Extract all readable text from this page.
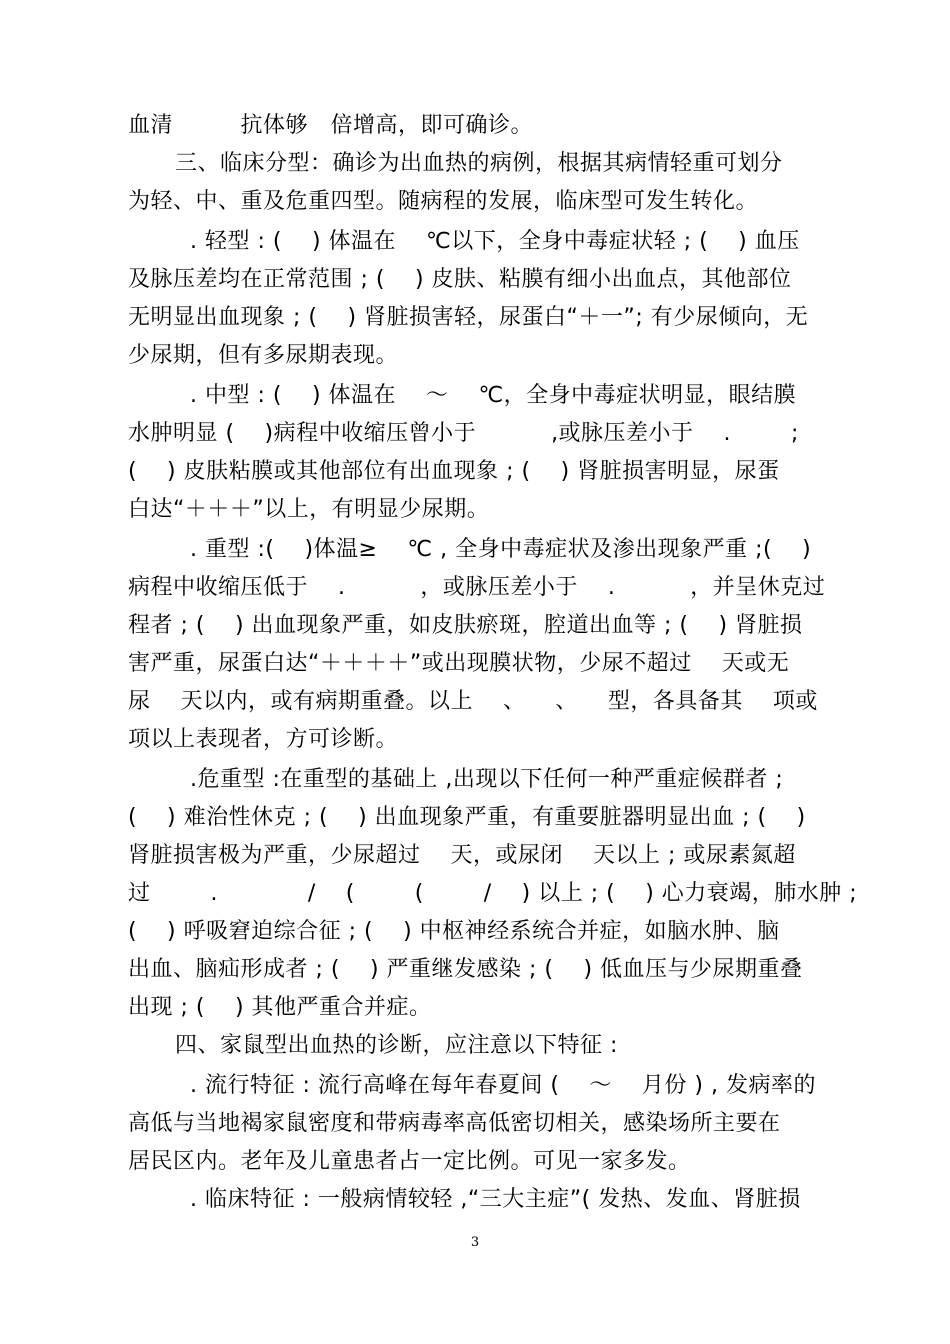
血清　　　抗体够　倍增高，即可确诊。
三、临床分型：确诊为出血热的病例，根据其病情轻重可划分
为轻、中、重及危重四型。随病程的发展，临床型可发生转化。
. 轻型 : (    ) 体温在    ℃以下，全身中毒症状轻 ; (    ) 血压
及脉压差均在正常范围 ; (    ) 皮肤、粘膜有细小出血点，其他部位
无明显出血现象 ; (    ) 肾脏损害轻，尿蛋白“＋一”; 有少尿倾向，无
少尿期，但有多尿期表现。
. 中型 : (    ) 体温在    ～    ℃，全身中毒症状明显，眼结膜
水肿明显 (    )病程中收缩压曾小于          ,或脉压差小于    .        ;
(    ) 皮肤粘膜或其他部位有出血现象 ; (    ) 肾脏损害明显，尿蛋
白达“＋＋＋”以上，有明显少尿期。
. 重型 :(    )体温≥    ℃ , 全身中毒症状及渗出现象严重 ;(    )
病程中收缩压低于    .          ，或脉压差小于    .          ，并呈休克过
程者 ; (    ) 出血现象严重，如皮肤瘀斑，腔道出血等 ; (    ) 肾脏损
害严重，尿蛋白达“＋＋＋＋”或出现膜状物，少尿不超过    天或无
尿    天以内，或有病期重叠。以上    、    、    型，各具备其    项或
项以上表现者，方可诊断。
.危重型 :在重型的基础上 ,出现以下任何一种严重症候群者 ;
(    ) 难治性休克 ; (    ) 出血现象严重，有重要脏器明显出血 ; (    )
肾脏损害极为严重，少尿超过    天，或尿闭    天以上 ; 或尿素氮超
过        .            /    (        (        /    ) 以上 ; (    ) 心力衰竭，肺水肿 ;
(    ) 呼吸窘迫综合征 ; (    ) 中枢神经系统合并症，如脑水肿、脑
出血、脑疝形成者 ; (    ) 严重继发感染 ; (    ) 低血压与少尿期重叠
出现 ; (    ) 其他严重合并症。
四、家鼠型出血热的诊断，应注意以下特征 :
. 流行特征 : 流行高峰在每年春夏间 (    ～    月份 ) , 发病率的
高低与当地褐家鼠密度和带病毒率高低密切相关，感染场所主要在
居民区内。老年及儿童患者占一定比例。可见一家多发。
. 临床特征 : 一般病情较轻 ,“三大主症”( 发热、发血、肾脏损
3
